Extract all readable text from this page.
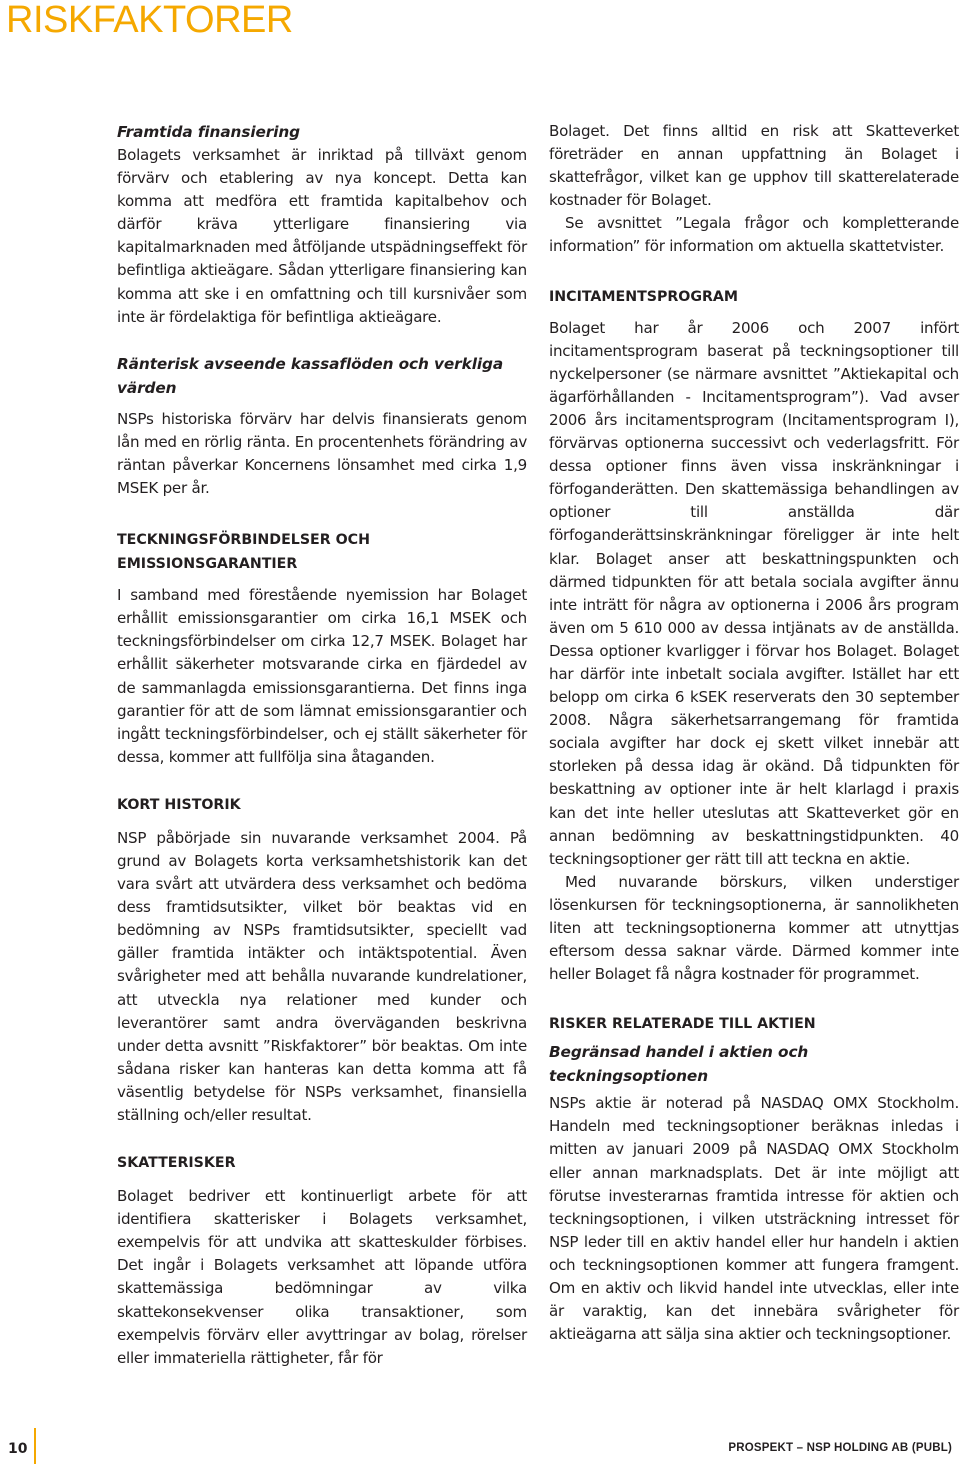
RISKFAKTORER
Framtida finansiering

Bolagets verksamhet är inriktad på tillväxt genom förvärv och etablering av nya koncept. Detta kan komma att medföra ett framtida kapitalbehov och därför kräva ytterligare finansiering via kapitalmarknaden med åtföljande utspädningseffekt för befintliga aktieägare. Sådan ytterligare finansiering kan komma att ske i en omfattning och till kursnivåer som inte är fördelaktiga för befintliga aktieägare.

Ränterisk avseende kassaflöden och verkliga värden

NSPs historiska förvärv har delvis finansierats genom lån med en rörlig ränta. En procentenhets förändring av räntan påverkar Koncernens lönsamhet med cirka 1,9 MSEK per år.

TECKNINGSFÖRBINDELSER OCH EMISSIONSGARANTIER

I samband med förestående nyemission har Bolaget erhållit emissionsgarantier om cirka 16,1 MSEK och teckningsförbindelser om cirka 12,7 MSEK. Bolaget har erhållit säkerheter motsvarande cirka en fjärdedel av de sammanlagda emissionsgarantierna. Det finns inga garantier för att de som lämnat emissionsgarantier och ingått teckningsförbindelser, och ej ställt säkerheter för dessa, kommer att fullfölja sina åtaganden.

KORT HISTORIK

NSP påbörjade sin nuvarande verksamhet 2004. På grund av Bolagets korta verksamhetshistorik kan det vara svårt att utvärdera dess verksamhet och bedöma dess framtidsutsikter, vilket bör beaktas vid en bedömning av NSPs framtidsutsikter, speciellt vad gäller framtida intäkter och intäktspotential. Även svårigheter med att behålla nuvarande kundrelationer, att utveckla nya relationer med kunder och leverantörer samt andra överväganden beskrivna under detta avsnitt ”Riskfaktorer” bör beaktas. Om inte sådana risker kan hanteras kan detta komma att få väsentlig betydelse för NSPs verksamhet, finansiella ställning och/eller resultat.

SKATTERISKER

Bolaget bedriver ett kontinuerligt arbete för att identifiera skatterisker i Bolagets verksamhet, exempelvis för att undvika att skatteskulder förbises. Det ingår i Bolagets verksamhet att löpande utföra skattemässiga bedömningar av vilka skattekonsekvenser olika transaktioner, som exempelvis förvärv eller avyttringar av bolag, rörelser eller immateriella rättigheter, får för

Bolaget. Det finns alltid en risk att Skatteverket företräder en annan uppfattning än Bolaget i skattefrågor, vilket kan ge upphov till skatterelaterade kostnader för Bolaget.

Se avsnittet ”Legala frågor och kompletterande information” för information om aktuella skattetvister.

INCITAMENTSPROGRAM

Bolaget har år 2006 och 2007 infört incitamentsprogram baserat på teckningsoptioner till nyckelpersoner (se närmare avsnittet ”Aktiekapital och ägarförhållanden - Incitamentsprogram”). Vad avser 2006 års incitamentsprogram (Incitamentsprogram I), förvärvas optionerna successivt och vederlagsfritt. För dessa optioner finns även vissa inskränkningar i förfoganderätten. Den skattemässiga behandlingen av optioner till anställda där förfoganderättsinskränkningar föreligger är inte helt klar. Bolaget anser att beskattningspunkten och därmed tidpunkten för att betala sociala avgifter ännu inte inträtt för några av optionerna i 2006 års program även om 5 610 000 av dessa intjänats av de anställda. Dessa optioner kvarligger i förvar hos Bolaget. Bolaget har därför inte inbetalt sociala avgifter. Istället har ett belopp om cirka 6 kSEK reserverats den 30 september 2008. Några säkerhetsarrangemang för framtida sociala avgifter har dock ej skett vilket innebär att storleken på dessa idag är okänd. Då tidpunkten för beskattning av optioner inte är helt klarlagd i praxis kan det inte heller uteslutas att Skatteverket gör en annan bedömning av beskattningstidpunkten. 40 teckningsoptioner ger rätt till att teckna en aktie.

Med nuvarande börskurs, vilken understiger lösenkursen för teckningsoptionerna, är sannolikheten liten att teckningsoptionerna kommer att utnyttjas eftersom dessa saknar värde. Därmed kommer inte heller Bolaget få några kostnader för programmet.

RISKER RELATERADE TILL AKTIEN
Begränsad handel i aktien och teckningsoptionen

NSPs aktie är noterad på NASDAQ OMX Stockholm. Handeln med teckningsoptioner beräknas inledas i mitten av januari 2009 på NASDAQ OMX Stockholm eller annan marknadsplats. Det är inte möjligt att förutse investerarnas framtida intresse för aktien och teckningsoptionen, i vilken utsträckning intresset för NSP leder till en aktiv handel eller hur handeln i aktien och teckningsoptionen kommer att fungera framgent. Om en aktiv och likvid handel inte utvecklas, eller inte är varaktig, kan det innebära svårigheter för aktieägarna att sälja sina aktier och teckningsoptioner.

10	PROSPEKT – NSP HOLDING AB (PUBL)
